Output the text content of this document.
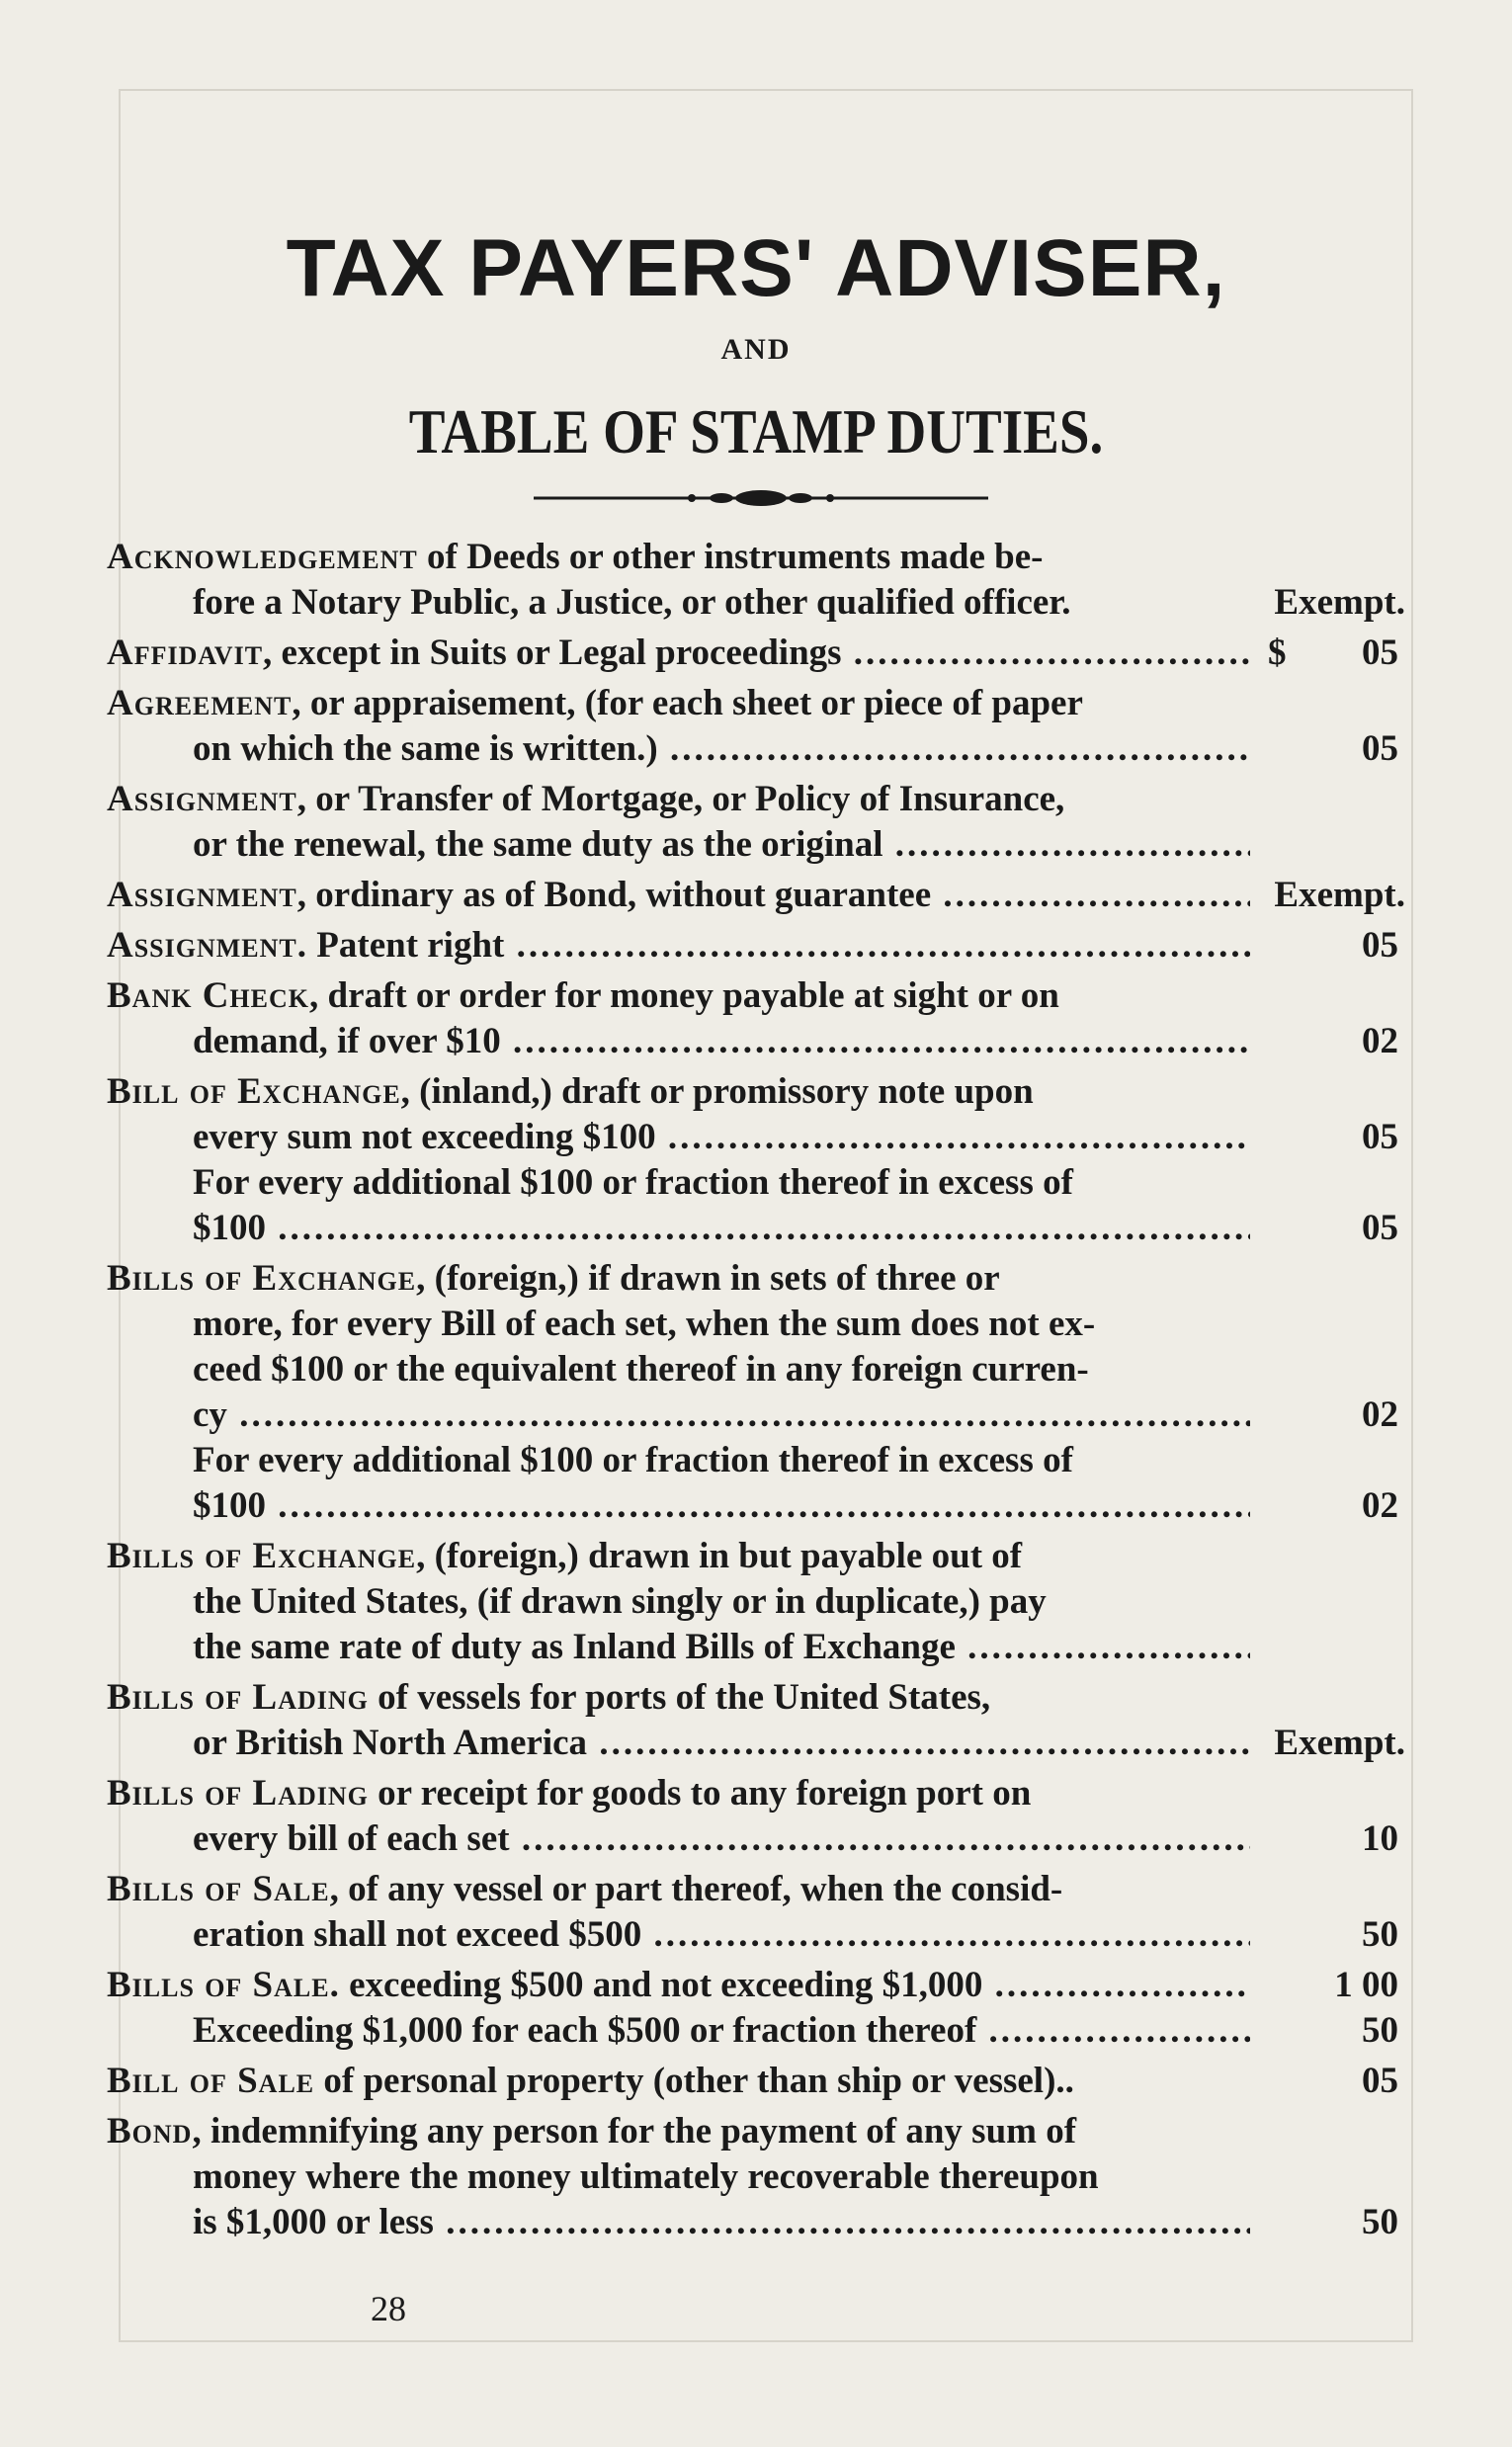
TAX PAYERS' ADVISER,
AND
TABLE OF STAMP DUTIES.
Acknowledgement of Deeds or other instruments made be-
fore a Notary Public, a Justice, or other qualified officer.	Exempt.
Affidavit, except in Suits or Legal proceedings .....	$	05
Agreement, or appraisement, (for each sheet or piece of paper
on which the same is written.) .....	05
Assignment, or Transfer of Mortgage, or Policy of Insurance,
or the renewal, the same duty as the original .....
Assignment, ordinary as of Bond, without guarantee .....	Exempt.
Assignment. Patent right .....	05
Bank Check, draft or order for money payable at sight or on
demand, if over $10 .....	02
Bill of Exchange, (inland,) draft or promissory note upon
every sum not exceeding $100 .....	05
For every additional $100 or fraction thereof in excess of
$100 .....	05
Bills of Exchange, (foreign,) if drawn in sets of three or
more, for every Bill of each set, when the sum does not ex-
ceed $100 or the equivalent thereof in any foreign curren-
cy .....	02
For every additional $100 or fraction thereof in excess of
$100 .....	02
Bills of Exchange, (foreign,) drawn in but payable out of
the United States, (if drawn singly or in duplicate,) pay
the same rate of duty as Inland Bills of Exchange .....
Bills of Lading of vessels for ports of the United States,
or British North America .....	Exempt.
Bills of Lading or receipt for goods to any foreign port on
every bill of each set .....	10
Bills of Sale, of any vessel or part thereof, when the consid-
eration shall not exceed $500 .....	50
Bills of Sale. exceeding $500 and not exceeding $1,000 .....	1 00
Exceeding $1,000 for each $500 or fraction thereof .....	50
Bill of Sale of personal property (other than ship or vessel)..	05
Bond, indemnifying any person for the payment of any sum of
money where the money ultimately recoverable thereupon
is $1,000 or less .....	50
28
